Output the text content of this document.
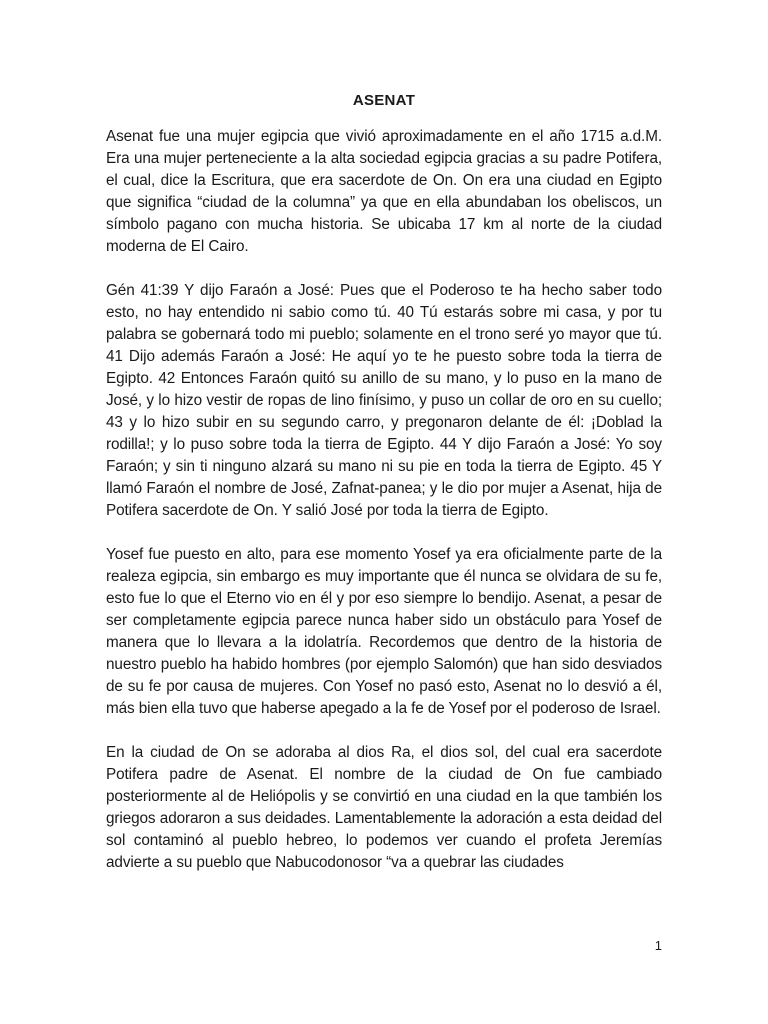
ASENAT

Asenat fue una mujer egipcia que vivió aproximadamente en el año 1715 a.d.M. Era una mujer perteneciente a la alta sociedad egipcia gracias a su padre Potifera, el cual, dice la Escritura, que era sacerdote de On. On era una ciudad en Egipto que significa “ciudad de la columna” ya que en ella abundaban los obeliscos, un símbolo pagano con mucha historia. Se ubicaba 17 km al norte de la ciudad moderna de El Cairo.

Gén 41:39 Y dijo Faraón a José: Pues que el Poderoso te ha hecho saber todo esto, no hay entendido ni sabio como tú. 40 Tú estarás sobre mi casa, y por tu palabra se gobernará todo mi pueblo; solamente en el trono seré yo mayor que tú. 41 Dijo además Faraón a José: He aquí yo te he puesto sobre toda la tierra de Egipto. 42 Entonces Faraón quitó su anillo de su mano, y lo puso en la mano de José, y lo hizo vestir de ropas de lino finísimo, y puso un collar de oro en su cuello; 43 y lo hizo subir en su segundo carro, y pregonaron delante de él: ¡Doblad la rodilla!; y lo puso sobre toda la tierra de Egipto. 44 Y dijo Faraón a José: Yo soy Faraón; y sin ti ninguno alzará su mano ni su pie en toda la tierra de Egipto. 45 Y llamó Faraón el nombre de José, Zafnat-panea; y le dio por mujer a Asenat, hija de Potifera sacerdote de On. Y salió José por toda la tierra de Egipto.

Yosef fue puesto en alto, para ese momento Yosef ya era oficialmente parte de la realeza egipcia, sin embargo es muy importante que él nunca se olvidara de su fe, esto fue lo que el Eterno vio en él y por eso siempre lo bendijo. Asenat, a pesar de ser completamente egipcia parece nunca haber sido un obstáculo para Yosef de manera que lo llevara a la idolatría. Recordemos que dentro de la historia de nuestro pueblo ha habido hombres (por ejemplo Salomón) que han sido desviados de su fe por causa de mujeres. Con Yosef no pasó esto, Asenat no lo desvió a él, más bien ella tuvo que haberse apegado a la fe de Yosef por el poderoso de Israel.

En la ciudad de On se adoraba al dios Ra, el dios sol, del cual era sacerdote Potifera padre de Asenat. El nombre de la ciudad de On fue cambiado posteriormente al de Heliópolis y se convirtió en una ciudad en la que también los griegos adoraron a sus deidades. Lamentablemente la adoración a esta deidad del sol contaminó al pueblo hebreo, lo podemos ver cuando el profeta Jeremías advierte a su pueblo que Nabucodonosor “va a quebrar las ciudades

1
